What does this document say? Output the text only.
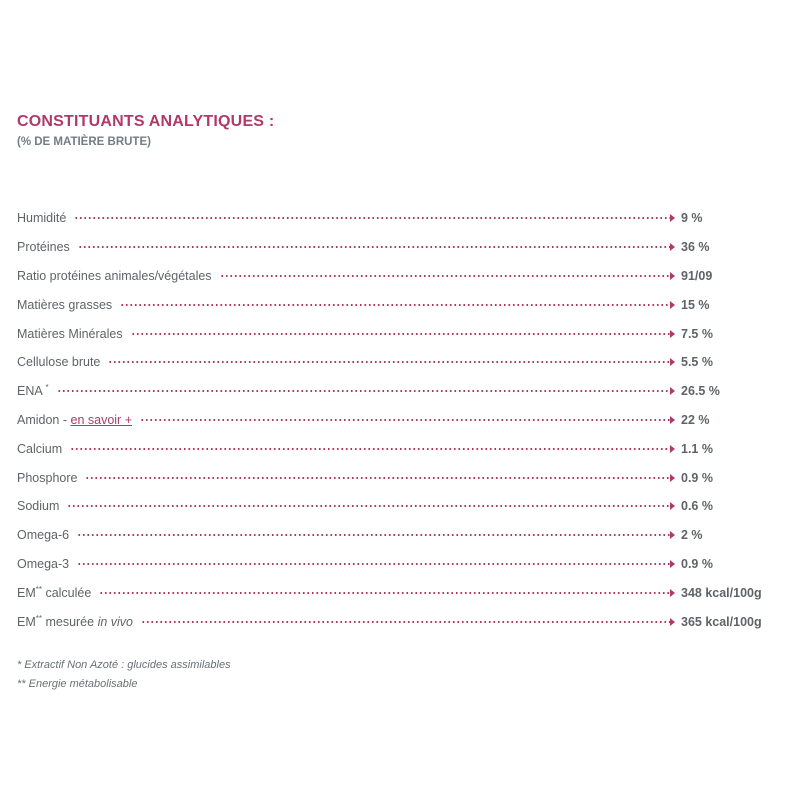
CONSTITUANTS ANALYTIQUES :
(% DE MATIÈRE BRUTE)
Humidité	9 %
Protéines	36 %
Ratio protéines animales/végétales	91/09
Matières grasses	15 %
Matières Minérales	7.5 %
Cellulose brute	5.5 %
ENA *	26.5 %
Amidon - en savoir +	22 %
Calcium	1.1 %
Phosphore	0.9 %
Sodium	0.6 %
Omega-6	2 %
Omega-3	0.9 %
EM** calculée	348 kcal/100g
EM** mesurée in vivo	365 kcal/100g
* Extractif Non Azoté : glucides assimilables
** Energie métabolisable
